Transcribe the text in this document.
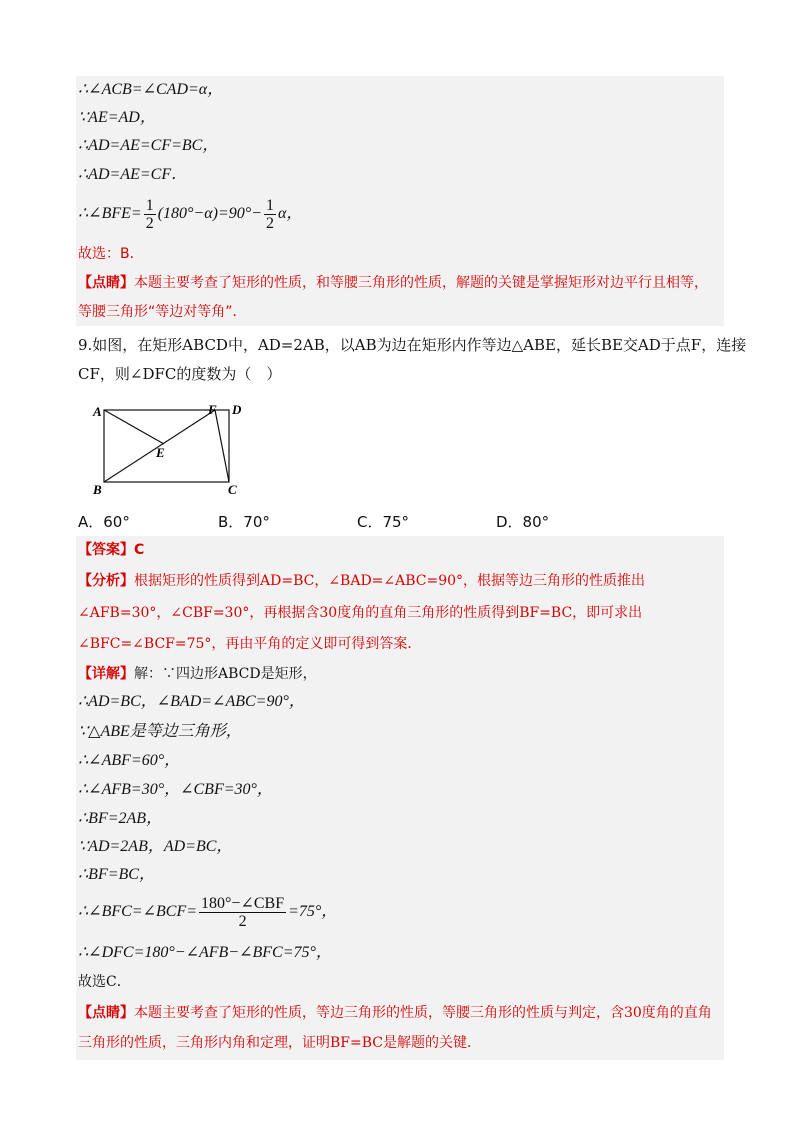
∴∠ACB=∠CAD=α，
∵AE=AD，
∴AD=AE=CF=BC，
∴AD=AE=CF．
∴∠BFE= $\frac{1}{2} (180^\circ-\alpha)=90^\circ- \frac{1}{2}$ α，
故选：B．
【点睛】本题主要考查了矩形的性质，和等腰三角形的性质，解题的关键是掌握矩形对边平行且相等，
等腰三角形“等边对等角”．
9.如图，在矩形ABCD中，AD=2AB，以AB为边在矩形内作等边△ABE，延长BE交AD于点F，连接
CF，则∠DFC的度数为（　）
A
B	C
D
E
F
A．60°	B．70°	C．75°	D．80°
【答案】C
【分析】根据矩形的性质得到AD=BC，∠BAD=∠ABC=90°，根据等边三角形的性质推出
∠AFB=30°，∠CBF=30°，再根据含30度角的直角三角形的性质得到BF=BC，即可求出
∠BFC=∠BCF=75°，再由平角的定义即可得到答案．
【详解】解：∵四边形ABCD是矩形，
∴AD=BC，∠BAD=∠ABC=90°，
∵△ABE是等边三角形，
∴∠ABF=60°，
∴∠AFB=30°，∠CBF=30°，
∴BF=2AB，
∵AD=2AB，AD=BC，
∴BF=BC，
∴∠BFC=∠BCF= $\frac{\text{180°−∠CBF}}{2} =75^\circ$，
∴∠DFC=180°−∠AFB−∠BFC=75°，
故选C．
【点睛】本题主要考查了矩形的性质，等边三角形的性质，等腰三角形的性质与判定，含30度角的直角
三角形的性质，三角形内角和定理，证明BF=BC是解题的关键．
